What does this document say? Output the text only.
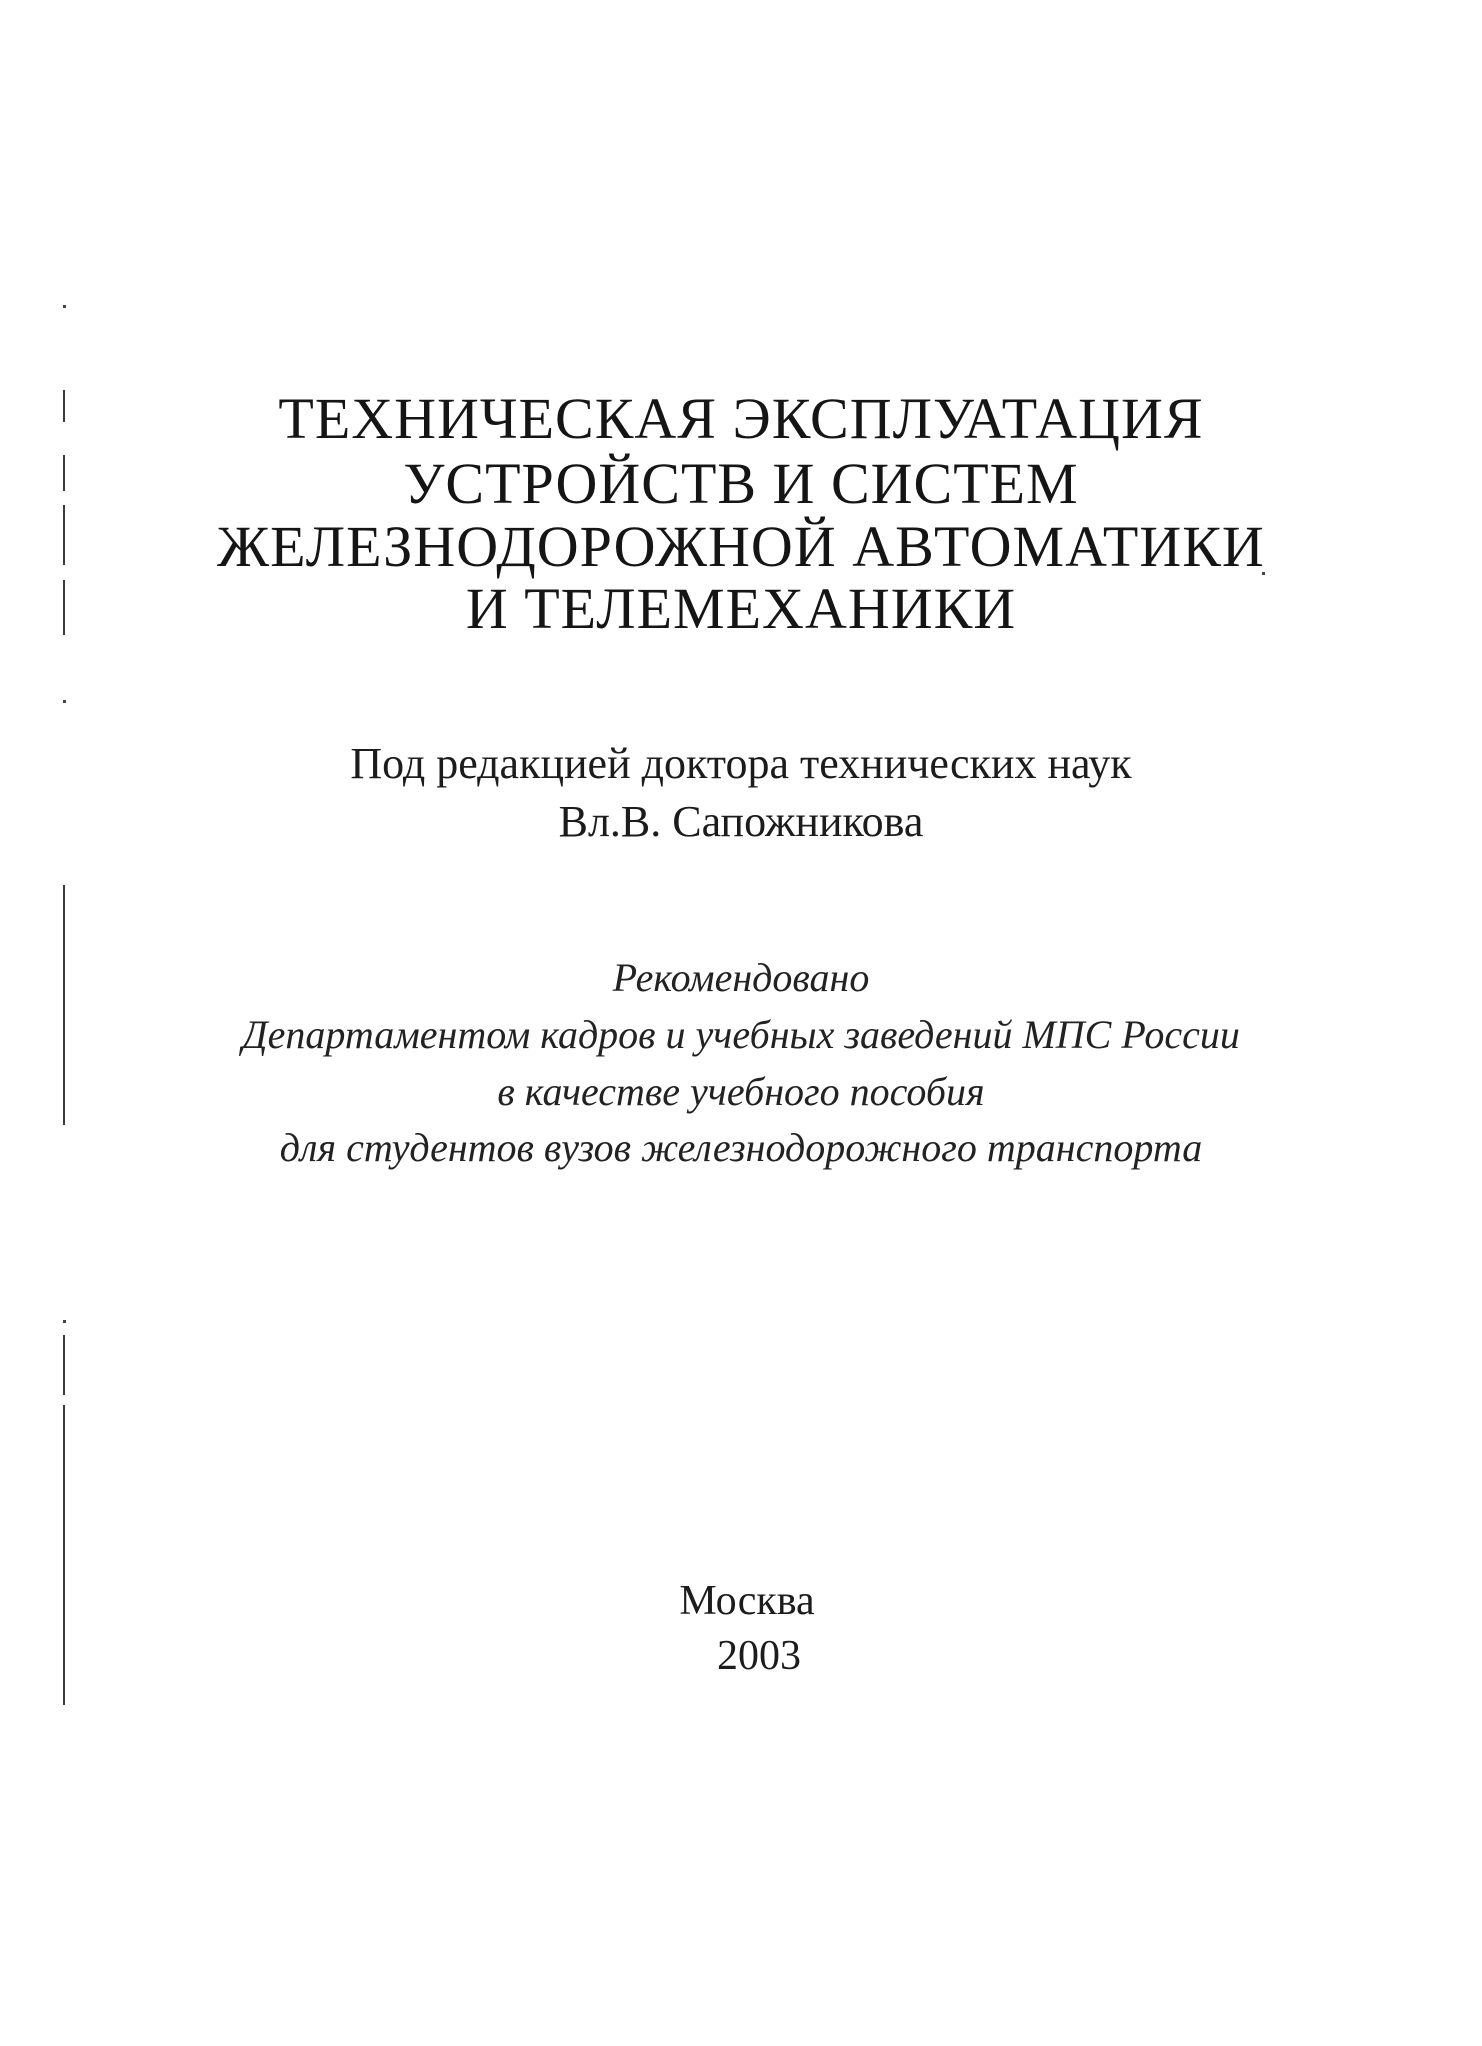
ТЕХНИЧЕСКАЯ ЭКСПЛУАТАЦИЯ
УСТРОЙСТВ И СИСТЕМ
ЖЕЛЕЗНОДОРОЖНОЙ АВТОМАТИКИ
И ТЕЛЕМЕХАНИКИ
Под редакцией доктора технических наук
Вл.В. Сапожникова
Рекомендовано
Департаментом кадров и учебных заведений МПС России
в качестве учебного пособия
для студентов вузов железнодорожного транспорта
Москва
2003
